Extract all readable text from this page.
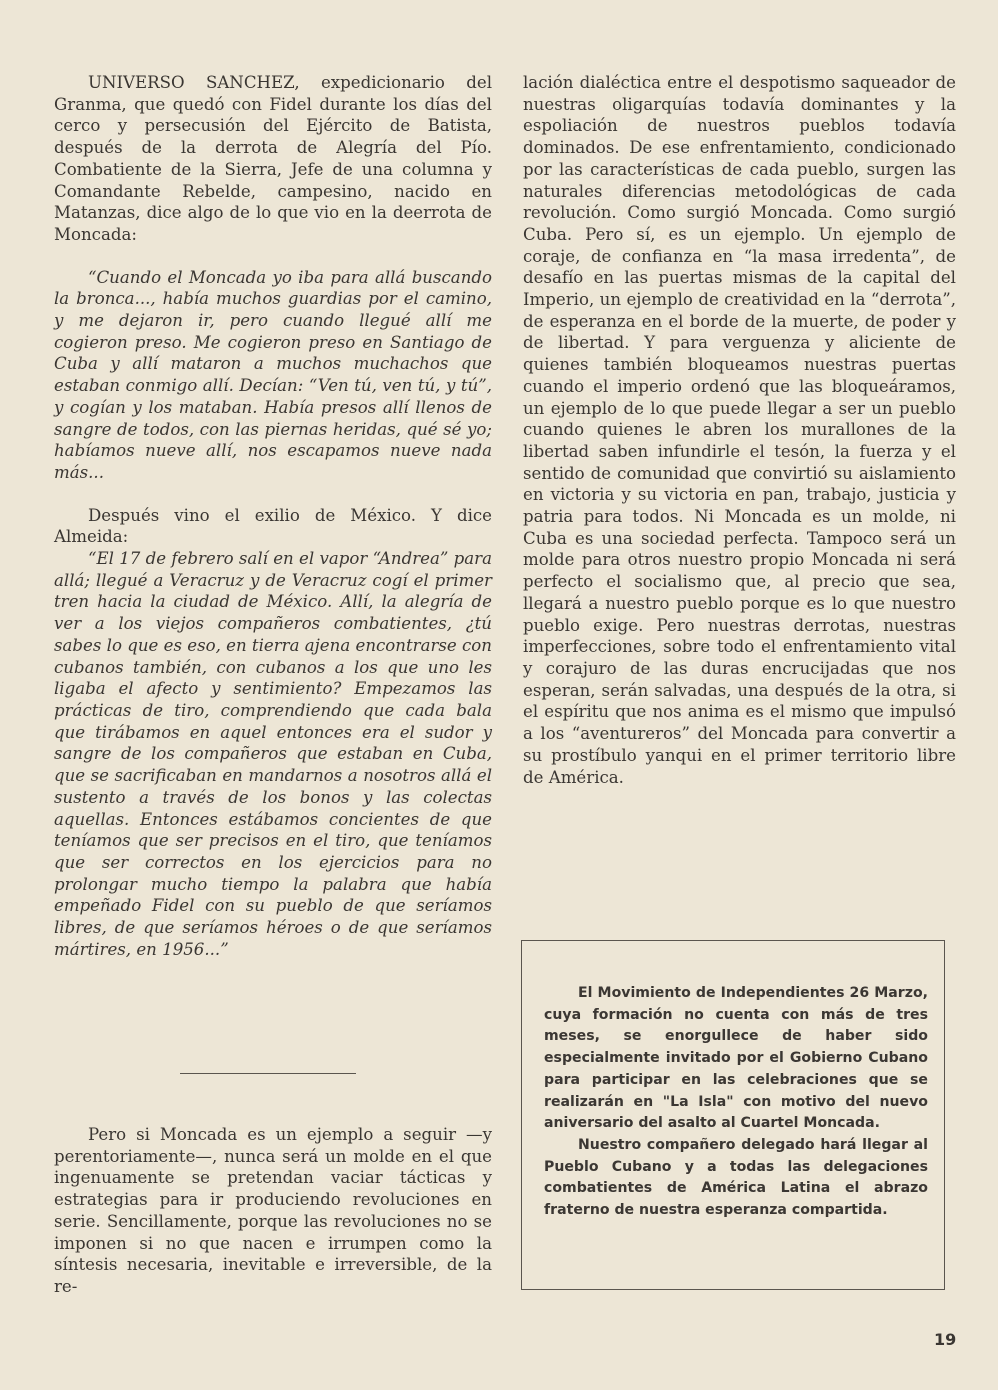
UNIVERSO SANCHEZ, expedicionario del Granma, que quedó con Fidel durante los días del cerco y persecusión del Ejército de Batista, después de la derrota de Alegría del Pío. Combatiente de la Sierra, Jefe de una columna y Comandante Rebelde, campesino, nacido en Matanzas, dice algo de lo que vio en la deerrota de Moncada:

“Cuando el Moncada yo iba para allá buscando la bronca..., había muchos guardias por el camino, y me dejaron ir, pero cuando llegué allí me cogieron preso. Me cogieron preso en Santiago de Cuba y allí mataron a muchos muchachos que estaban conmigo allí. Decían: “Ven tú, ven tú, y tú”, y cogían y los mataban. Había presos allí llenos de sangre de todos, con las piernas heridas, qué sé yo; habíamos nueve allí, nos escapamos nueve nada más...

Después vino el exilio de México. Y dice Almeida:

“El 17 de febrero salí en el vapor “Andrea” para allá; llegué a Veracruz y de Veracruz cogí el primer tren hacia la ciudad de México. Allí, la alegría de ver a los viejos compañeros combatientes, ¿tú sabes lo que es eso, en tierra ajena encontrarse con cubanos también, con cubanos a los que uno les ligaba el afecto y sentimiento? Empezamos las prácticas de tiro, comprendiendo que cada bala que tirábamos en aquel entonces era el sudor y sangre de los compañeros que estaban en Cuba, que se sacrificaban en mandarnos a nosotros allá el sustento a través de los bonos y las colectas aquellas. Entonces estábamos concientes de que teníamos que ser precisos en el tiro, que teníamos que ser correctos en los ejercicios para no prolongar mucho tiempo la palabra que había empeñado Fidel con su pueblo de que seríamos libres, de que seríamos héroes o de que seríamos mártires, en 1956...”

Pero si Moncada es un ejemplo a seguir —y perentoriamente—, nunca será un molde en el que ingenuamente se pretendan vaciar tácticas y estrategias para ir produciendo revoluciones en serie. Sencillamente, porque las revoluciones no se imponen si no que nacen e irrumpen como la síntesis necesaria, inevitable e irreversible, de la re-

lación dialéctica entre el despotismo saqueador de nuestras oligarquías todavía dominantes y la espoliación de nuestros pueblos todavía dominados. De ese enfrentamiento, condicionado por las características de cada pueblo, surgen las naturales diferencias metodológicas de cada revolución. Como surgió Moncada. Como surgió Cuba. Pero sí, es un ejemplo. Un ejemplo de coraje, de confianza en “la masa irredenta”, de desafío en las puertas mismas de la capital del Imperio, un ejemplo de creatividad en la “derrota”, de esperanza en el borde de la muerte, de poder y de libertad. Y para verguenza y aliciente de quienes también bloqueamos nuestras puertas cuando el imperio ordenó que las bloqueáramos, un ejemplo de lo que puede llegar a ser un pueblo cuando quienes le abren los murallones de la libertad saben infundirle el tesón, la fuerza y el sentido de comunidad que convirtió su aislamiento en victoria y su victoria en pan, trabajo, justicia y patria para todos. Ni Moncada es un molde, ni Cuba es una sociedad perfecta. Tampoco será un molde para otros nuestro propio Moncada ni será perfecto el socialismo que, al precio que sea, llegará a nuestro pueblo porque es lo que nuestro pueblo exige. Pero nuestras derrotas, nuestras imperfecciones, sobre todo el enfrentamiento vital y corajuro de las duras encrucijadas que nos esperan, serán salvadas, una después de la otra, si el espíritu que nos anima es el mismo que impulsó a los “aventureros” del Moncada para convertir a su prostíbulo yanqui en el primer territorio libre de América.

El Movimiento de Independientes 26 Marzo, cuya formación no cuenta con más de tres meses, se enorgullece de haber sido especialmente invitado por el Gobierno Cubano para participar en las celebraciones que se realizarán en "La Isla" con motivo del nuevo aniversario del asalto al Cuartel Moncada.

Nuestro compañero delegado hará llegar al Pueblo Cubano y a todas las delegaciones combatientes de América Latina el abrazo fraterno de nuestra esperanza compartida.

19
